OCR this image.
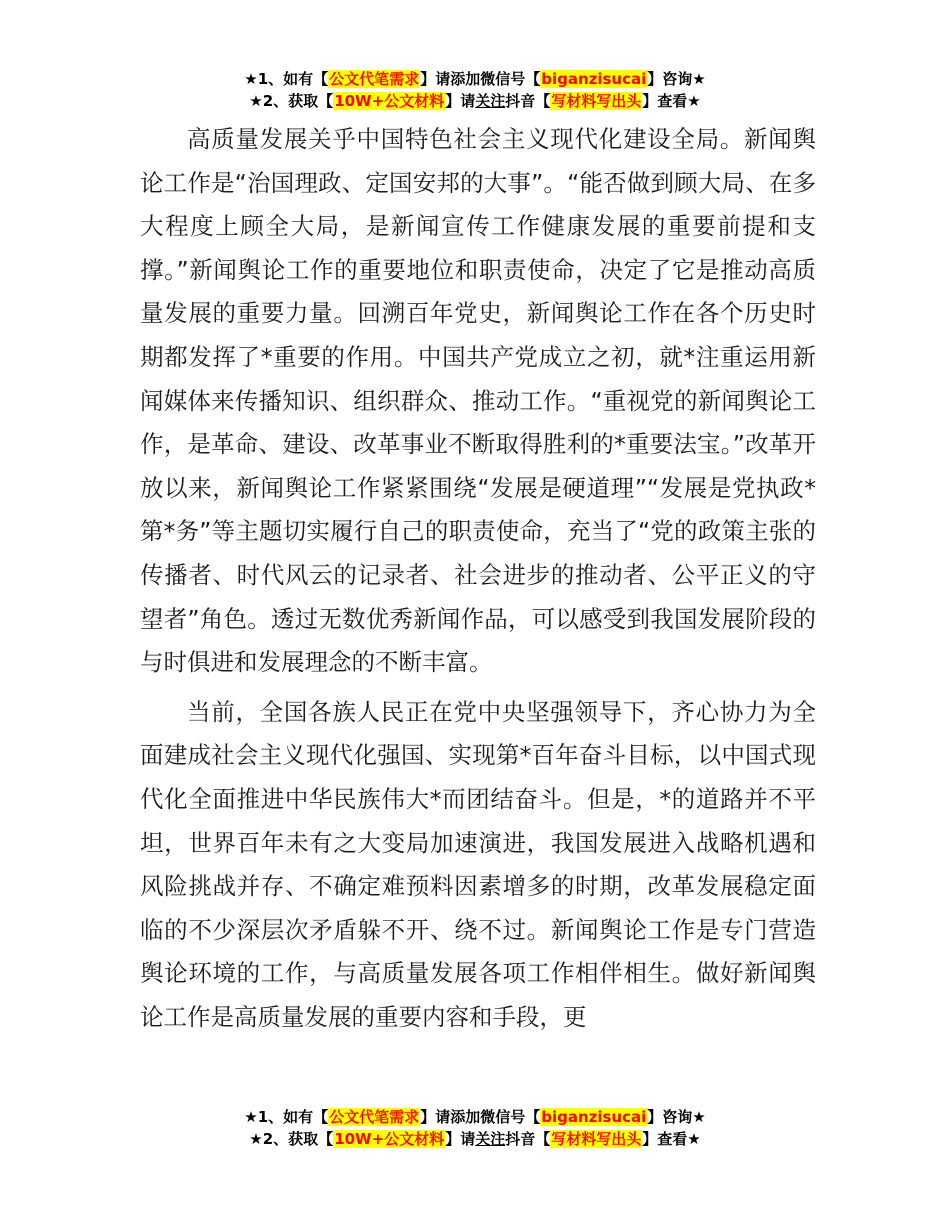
★1、如有【公文代笔需求】请添加微信号【biganzisucai】咨询★
★2、获取【10W+公文材料】请关注抖音【写材料写出头】查看★

高质量发展关乎中国特色社会主义现代化建设全局。新闻舆论工作是“治国理政、定国安邦的大事”。“能否做到顾大局、在多大程度上顾全大局，是新闻宣传工作健康发展的重要前提和支撑。”新闻舆论工作的重要地位和职责使命，决定了它是推动高质量发展的重要力量。回溯百年党史，新闻舆论工作在各个历史时期都发挥了*重要的作用。中国共产党成立之初，就*注重运用新闻媒体来传播知识、组织群众、推动工作。“重视党的新闻舆论工作，是革命、建设、改革事业不断取得胜利的*重要法宝。”改革开放以来，新闻舆论工作紧紧围绕“发展是硬道理”“发展是党执政*第*务”等主题切实履行自己的职责使命，充当了“党的政策主张的传播者、时代风云的记录者、社会进步的推动者、公平正义的守望者”角色。透过无数优秀新闻作品，可以感受到我国发展阶段的与时俱进和发展理念的不断丰富。

当前，全国各族人民正在党中央坚强领导下，齐心协力为全面建成社会主义现代化强国、实现第*百年奋斗目标，以中国式现代化全面推进中华民族伟大*而团结奋斗。但是，*的道路并不平坦，世界百年未有之大变局加速演进，我国发展进入战略机遇和风险挑战并存、不确定难预料因素增多的时期，改革发展稳定面临的不少深层次矛盾躲不开、绕不过。新闻舆论工作是专门营造舆论环境的工作，与高质量发展各项工作相伴相生。做好新闻舆论工作是高质量发展的重要内容和手段，更

★1、如有【公文代笔需求】请添加微信号【biganzisucai】咨询★
★2、获取【10W+公文材料】请关注抖音【写材料写出头】查看★
